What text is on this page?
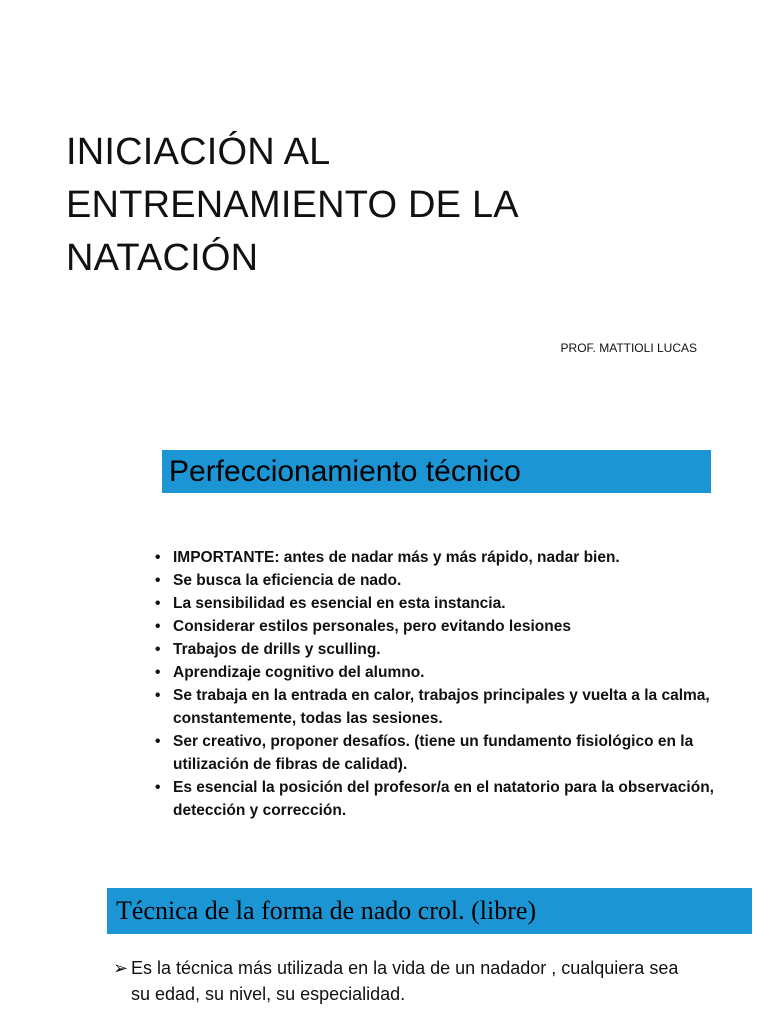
INICIACIÓN AL
ENTRENAMIENTO DE LA
NATACIÓN
PROF. MATTIOLI LUCAS
Perfeccionamiento técnico
• IMPORTANTE: antes de nadar más y más rápido, nadar bien.
• Se busca la eficiencia de nado.
• La sensibilidad es esencial en esta instancia.
• Considerar estilos personales, pero evitando lesiones
• Trabajos de drills y sculling.
• Aprendizaje cognitivo del alumno.
• Se trabaja en la entrada en calor, trabajos principales y vuelta a la calma, constantemente, todas las sesiones.
• Ser creativo, proponer desafíos. (tiene un fundamento fisiológico en la utilización de fibras de calidad).
• Es esencial la posición del profesor/a en el natatorio para la observación, detección y corrección.
Técnica de la forma de nado crol. (libre)
➢ Es la técnica más utilizada en la vida de un nadador , cualquiera sea su edad, su nivel, su especialidad.
